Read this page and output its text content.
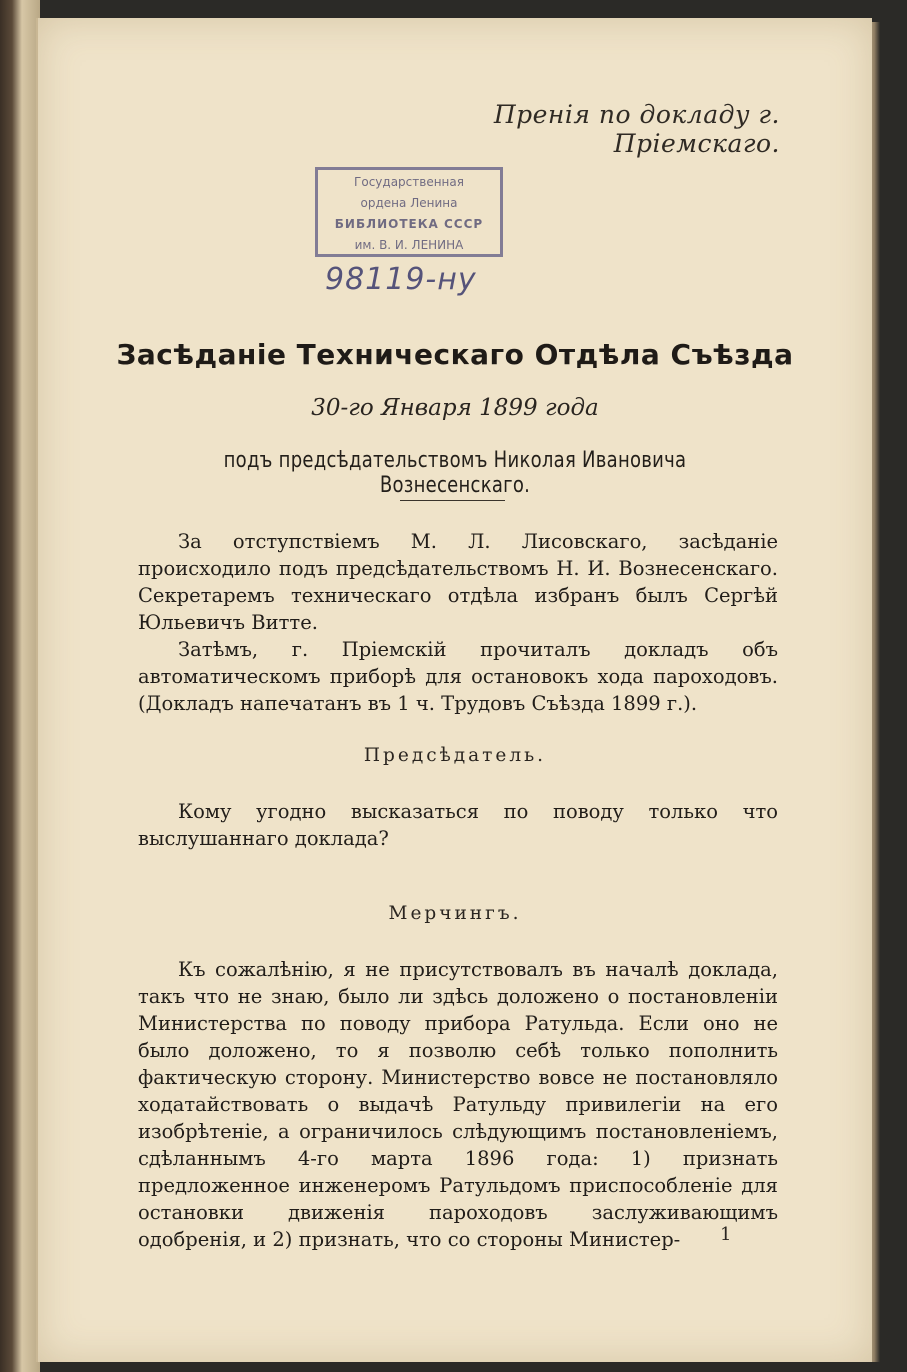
Пренія по докладу г. Пріемскаго.
Государственная
ордена Ленина
БИБЛИОТЕКА СССР
им. В. И. ЛЕНИНА
98119-ну
Засѣданіе Техническаго Отдѣла Съѣзда
30-го Января 1899 года
подъ предсѣдательствомъ Николая Ивановича Вознесенскаго.

За отступствіемъ М. Л. Лисовскаго, засѣданіе происходило подъ предсѣдательствомъ Н. И. Вознесенскаго. Секретаремъ техническаго отдѣла избранъ былъ Сергѣй Юльевичъ Витте.

Затѣмъ, г. Пріемскій прочиталъ докладъ объ автоматическомъ приборѣ для остановокъ хода пароходовъ. (Докладъ напечатанъ въ 1 ч. Трудовъ Съѣзда 1899 г.).

Предсѣдатель.

Кому угодно высказаться по поводу только что выслушаннаго доклада?

Мерчингъ.

Къ сожалѣнію, я не присутствовалъ въ началѣ доклада, такъ что не знаю, было ли здѣсь доложено о постановленіи Министерства по поводу прибора Ратульда. Если оно не было доложено, то я позволю себѣ только пополнить фактическую сторону. Министерство вовсе не постановляло ходатайствовать о выдачѣ Ратульду привилегіи на его изобрѣтеніе, а ограничилось слѣдующимъ постановленіемъ, сдѣланнымъ 4-го марта 1896 года: 1) признать предложенное инженеромъ Ратульдомъ приспособленіе для остановки движенія пароходовъ заслуживающимъ одобренія, и 2) признать, что со стороны Министер-	1
